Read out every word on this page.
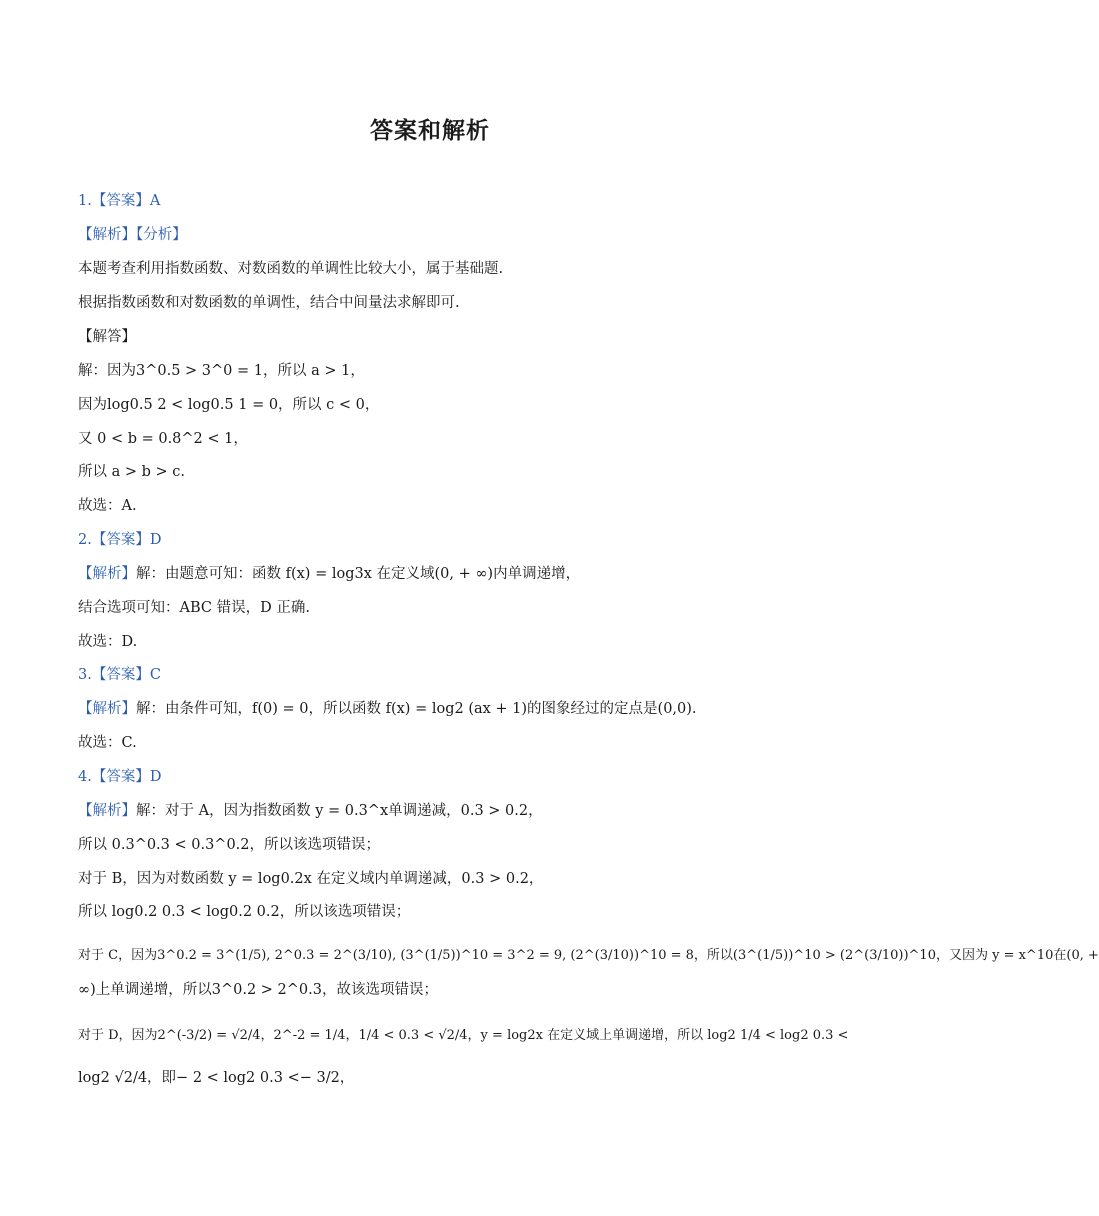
答案和解析
1.【答案】A
【解析】【分析】
本题考查利用指数函数、对数函数的单调性比较大小，属于基础题.
根据指数函数和对数函数的单调性，结合中间量法求解即可.
【解答】
解：因为3^0.5 > 3^0 = 1，所以 a > 1，
因为log0.5 2 < log0.5 1 = 0，所以 c < 0，
又 0 < b = 0.8^2 < 1，
所以 a > b > c.
故选：A.
2.【答案】D
【解析】解：由题意可知：函数 f(x) = log3x 在定义域(0, + ∞)内单调递增，
结合选项可知：ABC 错误，D 正确.
故选：D.
3.【答案】C
【解析】解：由条件可知，f(0) = 0，所以函数 f(x) = log2 (ax + 1)的图象经过的定点是(0,0).
故选：C.
4.【答案】D
【解析】解：对于 A，因为指数函数 y = 0.3^x单调递减，0.3 > 0.2，
所以 0.3^0.3 < 0.3^0.2，所以该选项错误；
对于 B，因为对数函数 y = log0.2x 在定义域内单调递减，0.3 > 0.2，
所以 log0.2 0.3 < log0.2 0.2，所以该选项错误；
对于 C，因为3^0.2 = 3^(1/5), 2^0.3 = 2^(3/10), (3^(1/5))^10 = 3^2 = 9, (2^(3/10))^10 = 8，所以(3^(1/5))^10 > (2^(3/10))^10，又因为 y = x^10在(0, +
∞)上单调递增，所以3^0.2 > 2^0.3，故该选项错误；
对于 D，因为2^(-3/2) = √2/4，2^-2 = 1/4，1/4 < 0.3 < √2/4，y = log2x 在定义域上单调递增，所以 log2 1/4 < log2 0.3 <
log2 √2/4，即− 2 < log2 0.3 <− 3/2，
